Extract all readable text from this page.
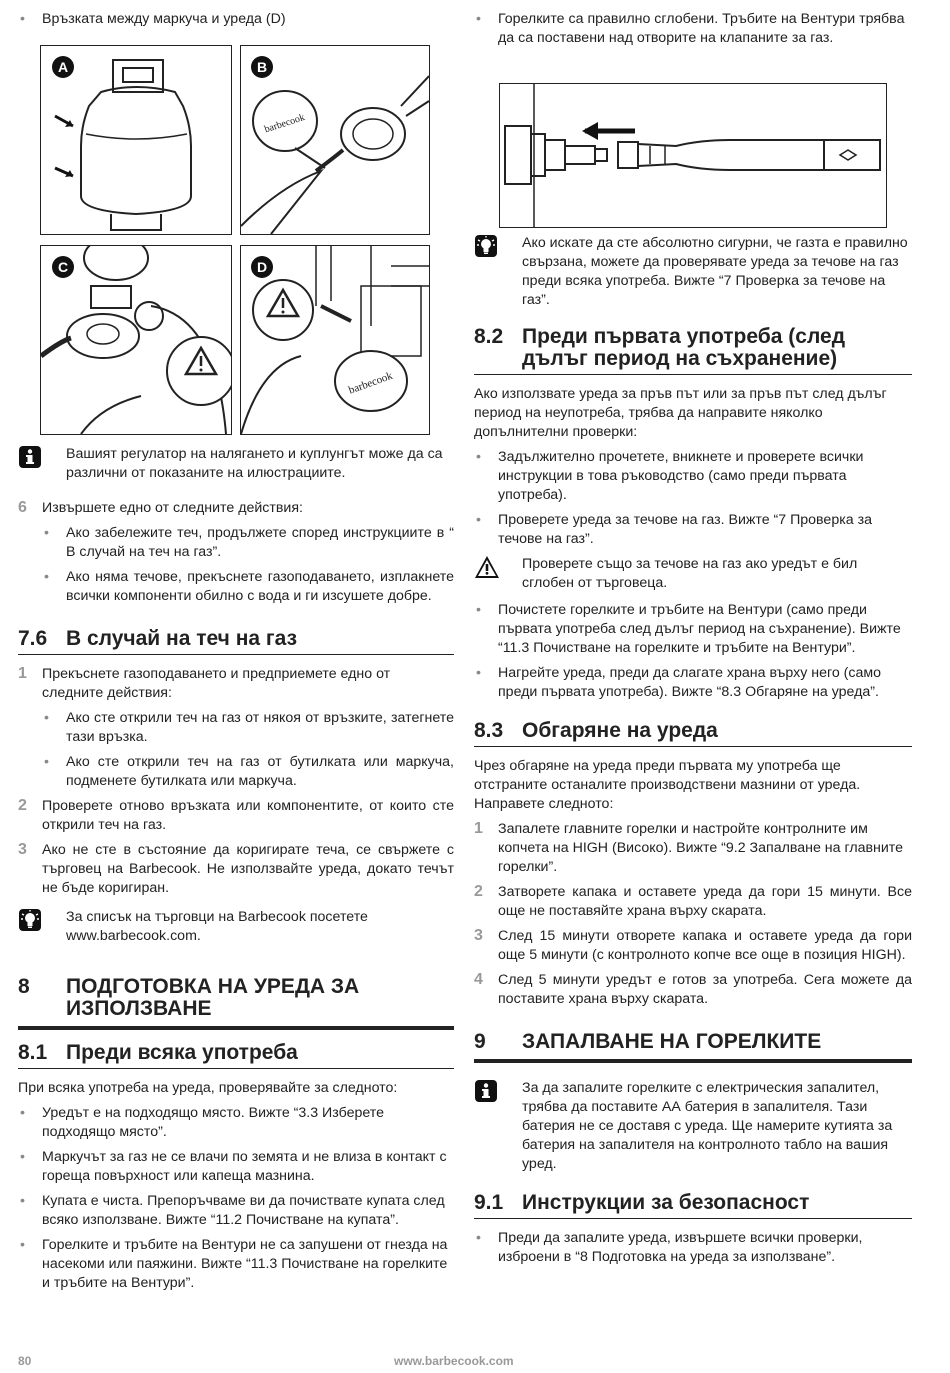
• Връзката между маркуча и уреда (D)

A	B
barbecook
C	D
barbecook

Вашият регулатор на налягането и куплунгът може да са различни от показаните на илюстрациите.

6 Извършете едно от следните действия:

• Ако забележите теч, продължете според инструкциите в “ В случай на теч на газ”.

• Ако няма течове, прекъснете газоподаването, изплакнете всички компоненти обилно с вода и ги изсушете добре.

7.6 В случай на теч на газ
1 Прекъснете газоподаването и предприемете едно от следните действия:

• Ако сте открили теч на газ от някоя от връзките, затегнете тази връзка.

• Ако сте открили теч на газ от бутилката или маркуча, подменете бутилката или маркуча.

2 Проверете отново връзката или компонентите, от които сте открили теч на газ.

3 Ако не сте в състояние да коригирате теча, се свържете с търговец на Barbecook. Не използвайте уреда, докато течът не бъде коригиран.

За списък на търговци на Barbecook посетете www.barbecook.com.

8	ПОДГОТОВКА НА УРЕДА ЗА ИЗПОЛЗВАНЕ
8.1 Преди всяка употреба

При всяка употреба на уреда, проверявайте за следното:

• Уредът е на подходящо място. Вижте “3.3 Изберете подходящо място”.

• Маркучът за газ не се влачи по земята и не влиза в контакт с гореща повърхност или капеща мазнина.

• Купата е чиста. Препоръчваме ви да почиствате купата след всяко използване. Вижте “11.2 Почистване на купата”.

• Горелките и тръбите на Вентури не са запушени от гнезда на насекоми или паяжини. Вижте “11.3 Почистване на горелките и тръбите на Вентури”.

• Горелките са правилно сглобени. Тръбите на Вентури трябва да са поставени над отворите на клапаните за газ.

Ако искате да сте абсолютно сигурни, че газта е правилно свързана, можете да проверявате уреда за течове на газ преди всяка употреба. Вижте “7 Проверка за течове на газ”.

8.2 Преди първата употреба (след дълъг период на съхранение)

Ако използвате уреда за пръв път или за пръв път след дълъг период на неупотреба, трябва да направите няколко допълнителни проверки:

• Задължително прочетете, вникнете и проверете всички инструкции в това ръководство (само преди първата употреба).

• Проверете уреда за течове на газ. Вижте “7 Проверка за течове на газ”.

Проверете също за течове на газ ако уредът е бил сглобен от търговеца.

• Почистете горелките и тръбите на Вентури (само преди първата употреба след дълъг период на съхранение). Вижте “11.3 Почистване на горелките и тръбите на Вентури”.

• Нагрейте уреда, преди да слагате храна върху него (само преди първата употреба). Вижте “8.3 Обгаряне на уреда”.

8.3 Обгаряне на уреда

Чрез обгаряне на уреда преди първата му употреба ще отстраните останалите производствени мазнини от уреда. Направете следното:

1 Запалете главните горелки и настройте контролните им копчета на HIGH (Високо). Вижте “9.2 Запалване на главните горелки”.

2 Затворете капака и оставете уреда да гори 15 минути. Все още не поставяйте храна върху скарата.

3 След 15 минути отворете капака и оставете уреда да гори още 5 минути (с контролното копче все още в позиция HIGH).

4 След 5 минути уредът е готов за употреба. Сега можете да поставите храна върху скарата.

9	ЗАПАЛВАНЕ НА ГОРЕЛКИТЕ

За да запалите горелките с електрическия запалител, трябва да поставите АА батерия в запалителя. Тази батерия не се доставя с уреда. Ще намерите кутията за батерия на запалителя на контролното табло на вашия уред.

9.1 Инструкции за безопасност

• Преди да запалите уреда, извършете всички проверки, изброени в “8 Подготовка на уреда за използване”.

80	www.barbecook.com
